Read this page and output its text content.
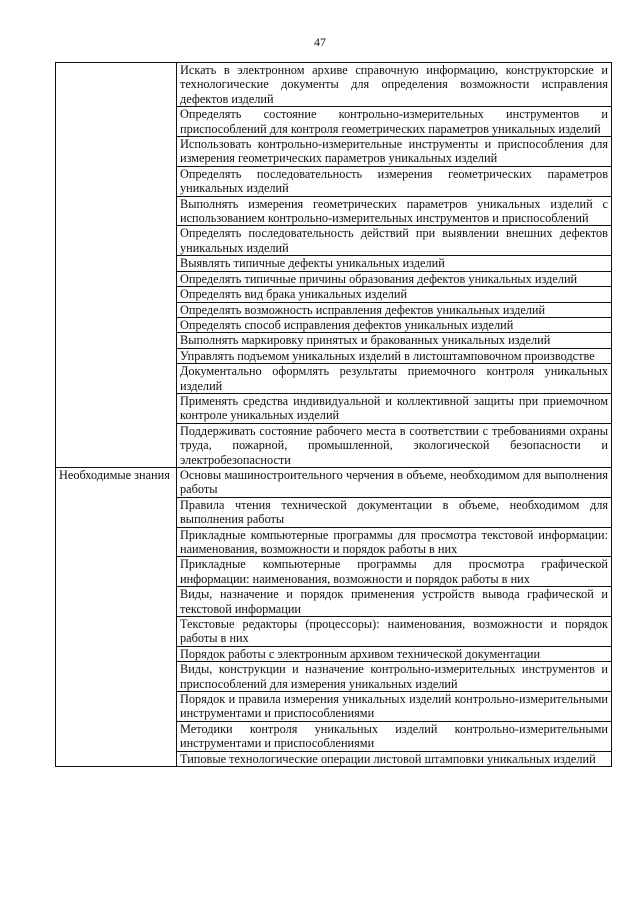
47
	Искать в электронном архиве справочную информацию, конструкторские и технологические документы для определения возможности исправления дефектов изделий
	Определять состояние контрольно-измерительных инструментов и приспособлений для контроля геометрических параметров уникальных изделий
	Использовать контрольно-измерительные инструменты и приспособления для измерения геометрических параметров уникальных изделий
	Определять последовательность измерения геометрических параметров уникальных изделий
	Выполнять измерения геометрических параметров уникальных изделий с использованием контрольно-измерительных инструментов и приспособлений
	Определять последовательность действий при выявлении внешних дефектов уникальных изделий
	Выявлять типичные дефекты уникальных изделий
	Определять типичные причины образования дефектов уникальных изделий
	Определять вид брака уникальных изделий
	Определять возможность исправления дефектов уникальных изделий
	Определять способ исправления дефектов уникальных изделий
	Выполнять маркировку принятых и бракованных уникальных изделий
	Управлять подъемом уникальных изделий в листоштамповочном производстве
	Документально оформлять результаты приемочного контроля уникальных изделий
	Применять средства индивидуальной и коллективной защиты при приемочном контроле уникальных изделий
	Поддерживать состояние рабочего места в соответствии с требованиями охраны труда, пожарной, промышленной, экологической безопасности и электробезопасности
Необходимые знания	Основы машиностроительного черчения в объеме, необходимом для выполнения работы
	Правила чтения технической документации в объеме, необходимом для выполнения работы
	Прикладные компьютерные программы для просмотра текстовой информации: наименования, возможности и порядок работы в них
	Прикладные компьютерные программы для просмотра графической информации: наименования, возможности и порядок работы в них
	Виды, назначение и порядок применения устройств вывода графической и текстовой информации
	Текстовые редакторы (процессоры): наименования, возможности и порядок работы в них
	Порядок работы с электронным архивом технической документации
	Виды, конструкции и назначение контрольно-измерительных инструментов и приспособлений для измерения уникальных изделий
	Порядок и правила измерения уникальных изделий контрольно-измерительными инструментами и приспособлениями
	Методики контроля уникальных изделий контрольно-измерительными инструментами и приспособлениями
	Типовые технологические операции листовой штамповки уникальных изделий
